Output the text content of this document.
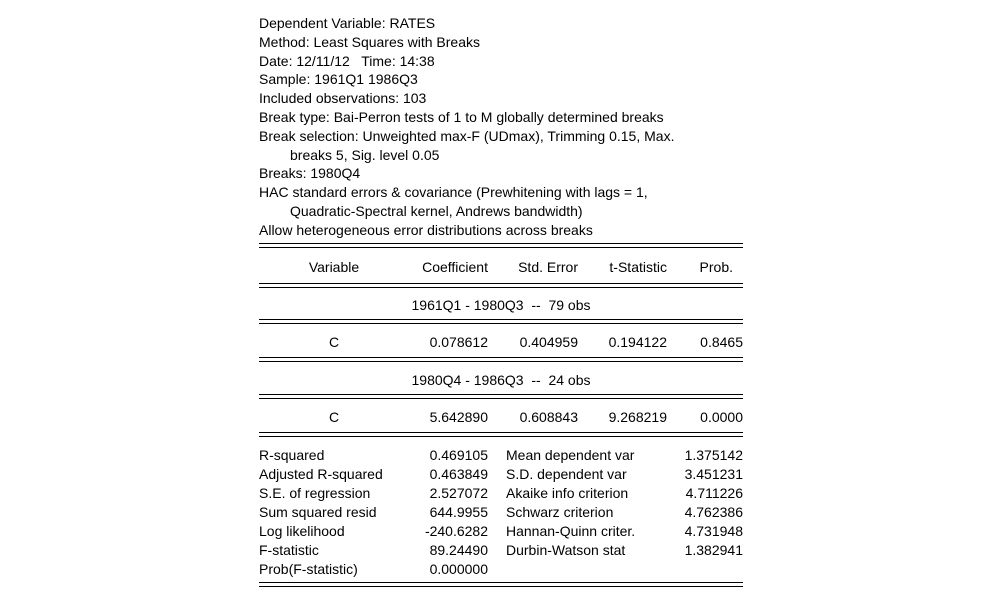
Dependent Variable: RATES
Method: Least Squares with Breaks
Date: 12/11/12   Time: 14:38
Sample: 1961Q1 1986Q3
Included observations: 103
Break type: Bai-Perron tests of 1 to M globally determined breaks
Break selection: Unweighted max-F (UDmax), Trimming 0.15, Max.
breaks 5, Sig. level 0.05
Breaks: 1980Q4
HAC standard errors & covariance (Prewhitening with lags = 1,
Quadratic-Spectral kernel, Andrews bandwidth)
Allow heterogeneous error distributions across breaks
Variable	Coefficient	Std. Error	t-Statistic	Prob.
1961Q1 - 1980Q3  --  79 obs
C	0.078612	0.404959	0.194122	0.8465
1980Q4 - 1986Q3  --  24 obs
C	5.642890	0.608843	9.268219	0.0000
R-squared	0.469105 Mean dependent var	1.375142
Adjusted R-squared	0.463849 S.D. dependent var	3.451231
S.E. of regression	2.527072 Akaike info criterion	4.711226
Sum squared resid	644.9955 Schwarz criterion	4.762386
Log likelihood	-240.6282 Hannan-Quinn criter.	4.731948
F-statistic	89.24490 Durbin-Watson stat	1.382941
Prob(F-statistic)	0.000000
